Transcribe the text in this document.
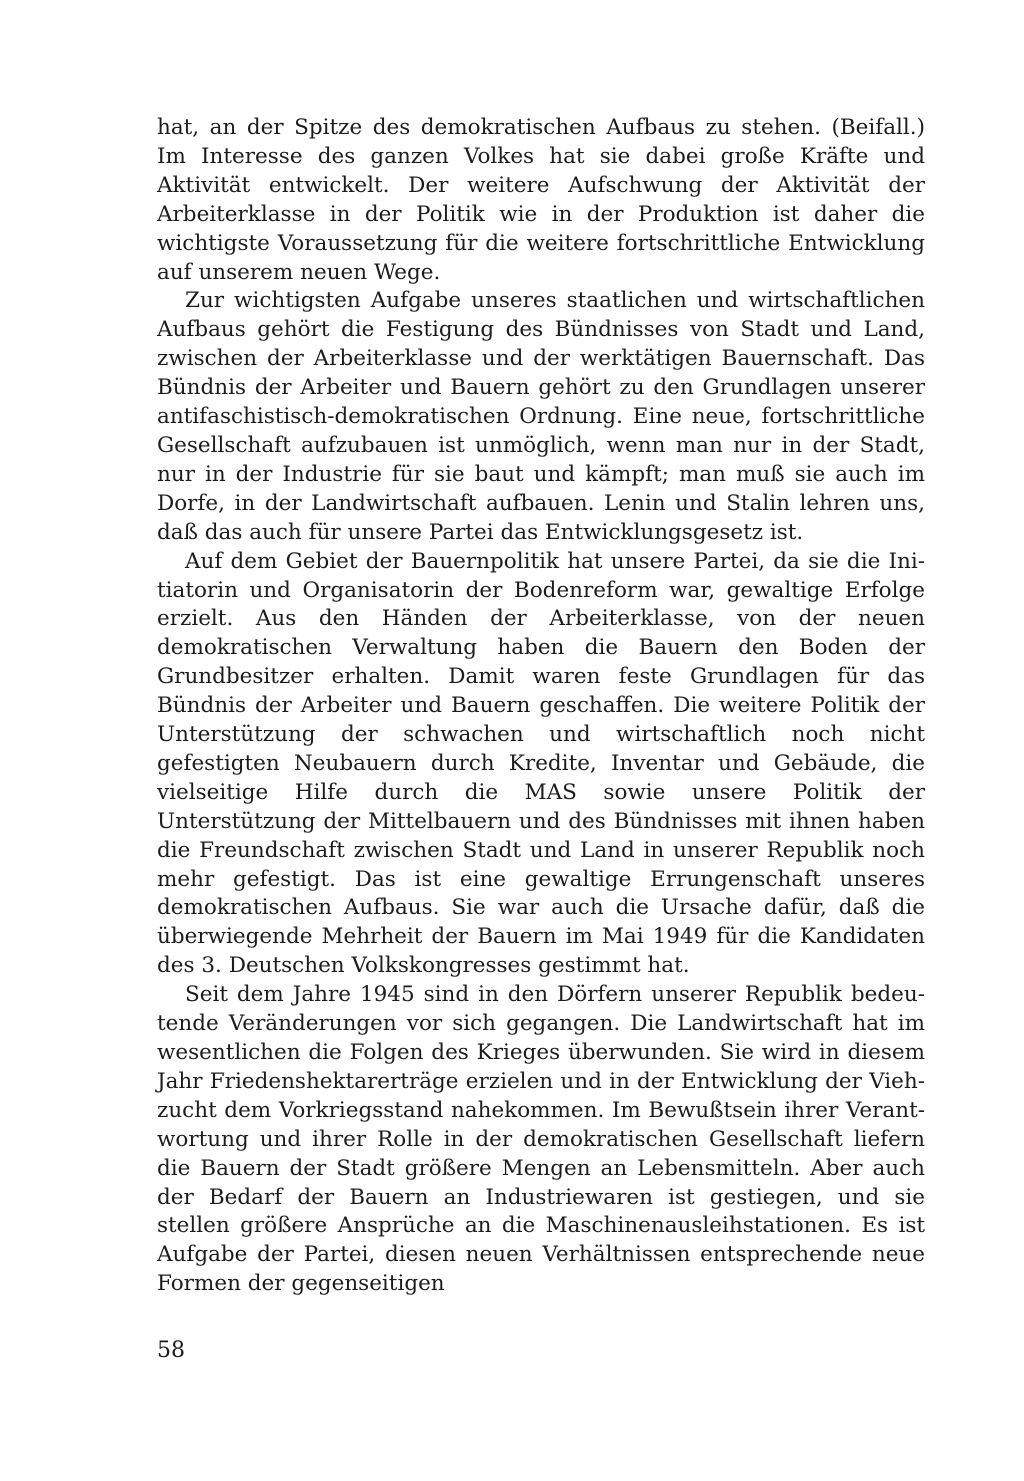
hat, an der Spitze des demokratischen Aufbaus zu stehen. (Beifall.) Im Interesse des ganzen Volkes hat sie dabei große Kräfte und Aktivität entwickelt. Der weitere Aufschwung der Aktivität der Arbeiterklasse in der Politik wie in der Produktion ist daher die wichtigste Voraussetzung für die weitere fortschrittliche Entwicklung auf unserem neuen Wege.

Zur wichtigsten Aufgabe unseres staatlichen und wirtschaftlichen Aufbaus gehört die Festigung des Bündnisses von Stadt und Land, zwischen der Arbeiterklasse und der werktätigen Bauernschaft. Das Bündnis der Arbeiter und Bauern gehört zu den Grundlagen unserer antifaschistisch-demokratischen Ordnung. Eine neue, fortschrittliche Gesellschaft aufzubauen ist unmöglich, wenn man nur in der Stadt, nur in der Industrie für sie baut und kämpft; man muß sie auch im Dorfe, in der Landwirtschaft aufbauen. Lenin und Stalin lehren uns, daß das auch für unsere Partei das Entwicklungsgesetz ist.

Auf dem Gebiet der Bauernpolitik hat unsere Partei, da sie die Initiatorin und Organisatorin der Bodenreform war, gewaltige Erfolge erzielt. Aus den Händen der Arbeiterklasse, von der neuen demokratischen Verwaltung haben die Bauern den Boden der Grundbesitzer erhalten. Damit waren feste Grundlagen für das Bündnis der Arbeiter und Bauern geschaffen. Die weitere Politik der Unterstützung der schwachen und wirtschaftlich noch nicht gefestigten Neubauern durch Kredite, Inventar und Gebäude, die vielseitige Hilfe durch die MAS sowie unsere Politik der Unterstützung der Mittelbauern und des Bündnisses mit ihnen haben die Freundschaft zwischen Stadt und Land in unserer Republik noch mehr gefestigt. Das ist eine gewaltige Errungenschaft unseres demokratischen Aufbaus. Sie war auch die Ursache dafür, daß die überwiegende Mehrheit der Bauern im Mai 1949 für die Kandidaten des 3. Deutschen Volkskongresses gestimmt hat.

Seit dem Jahre 1945 sind in den Dörfern unserer Republik bedeutende Veränderungen vor sich gegangen. Die Landwirtschaft hat im wesentlichen die Folgen des Krieges überwunden. Sie wird in diesem Jahr Friedenshektarerträge erzielen und in der Entwicklung der Viehzucht dem Vorkriegsstand nahekommen. Im Bewußtsein ihrer Verantwortung und ihrer Rolle in der demokratischen Gesellschaft liefern die Bauern der Stadt größere Mengen an Lebensmitteln. Aber auch der Bedarf der Bauern an Industriewaren ist gestiegen, und sie stellen größere Ansprüche an die Maschinenausleihstationen. Es ist Aufgabe der Partei, diesen neuen Verhältnissen entsprechende neue Formen der gegenseitigen

58
